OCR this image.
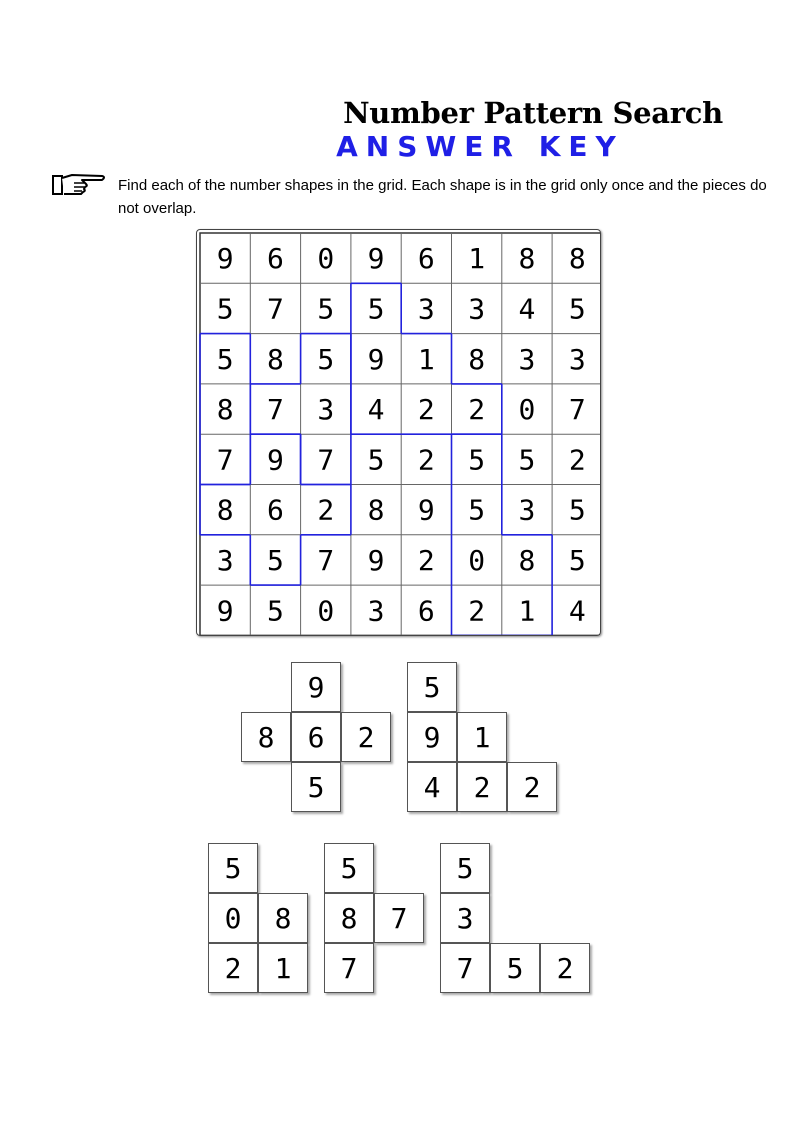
Number Pattern Search
ANSWER KEY
Find each of the number shapes in the grid. Each shape is in the grid only once and the pieces do not overlap.
9 6 0 9 6 1 8 8
5 7 5 5 3 3 4 5
5 8 5 9 1 8 3 3
8 7 3 4 2 2 0 7
7 9 7 5 2 5 5 2
8 6 2 8 9 5 3 5
3 5 7 9 2 0 8 5
9 5 0 3 6 2 1 4
9
8	6	2
5
5
9	1
4	2	2
5
0	8
2	1
5
8	7
7
5
3
7	5	2
